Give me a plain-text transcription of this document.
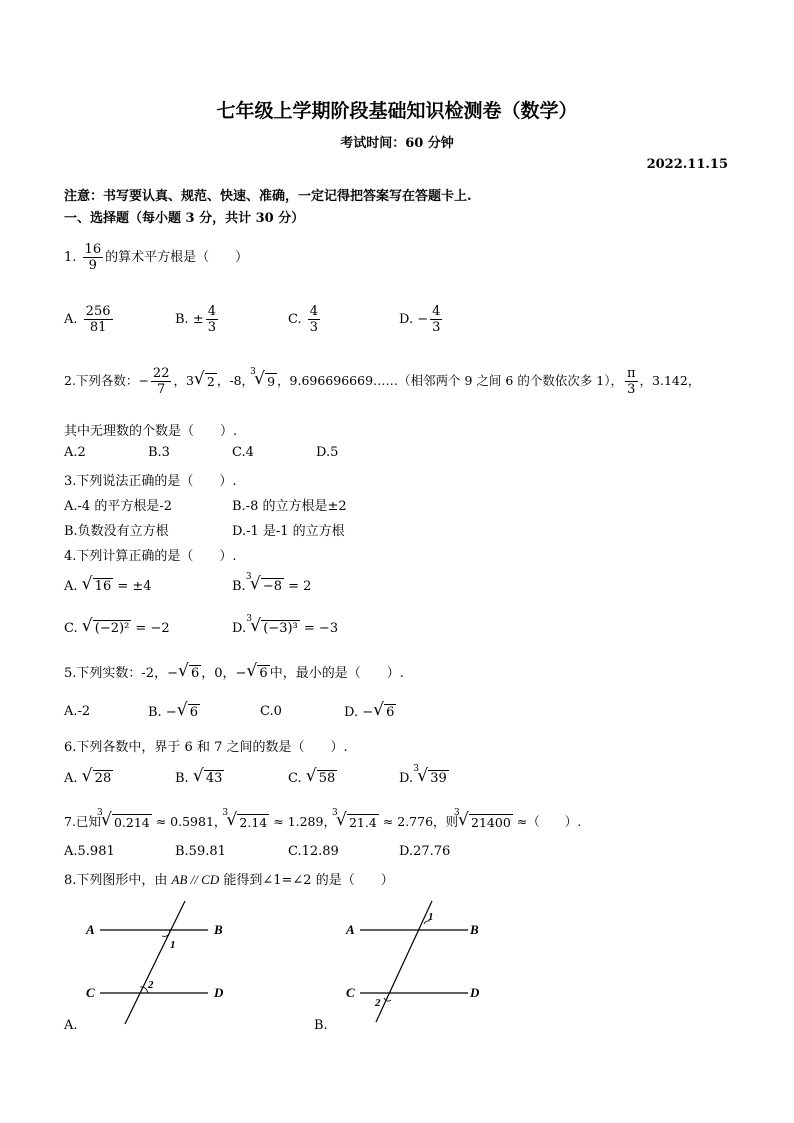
七年级上学期阶段基础知识检测卷（数学）
考试时间：60 分钟
2022.11.15
注意：书写要认真、规范、快速、准确，一定记得把答案写在答题卡上.
一、选择题（每小题 3 分，共计 30 分）
1. $\frac{16}{9}$ 的算术平方根是（　　）
A. $\frac{256}{81}$	B. ± $\frac{4}{3}$	C. $\frac{4}{3}$	D. − $\frac{4}{3}$
2.下列各数：− $\frac{22}{7}$ ，3 √ 2 ，-8，
3
√ 9 ，9.696696669……（相邻两个 9 之间 6 的个数依次多 1）， $\frac{\pi}{3}$ ，3.142，
其中无理数的个数是（　　）.
A.2	B.3	C.4	D.5
3.下列说法正确的是（　　）.
A.-4 的平方根是-2	B.-8 的立方根是±2
B.负数没有立方根	D.-1 是-1 的立方根
4.下列计算正确的是（　　）.
A. √ 16 = ±4	B.
3
√ −8 = 2
C. √ (−2)² = −2	D.
3
√ (−3)³ = −3
5.下列实数：-2，− √ 6 ，0，− √ 6 中，最小的是（　　）.
A.-2	B. − √ 6	C.0	D. − √ 6
6.下列各数中，界于 6 和 7 之间的数是（　　）.
A. √ 28	B. √ 43	C. √ 58	D.
3
√ 39
7.已知
3
√ 0.214 ≈ 0.5981，
3
√ 2.14 ≈ 1.289，
3
√ 21.4 ≈ 2.776，则
3
√ 21400 ≈（　　）.
A.5.981	B.59.81	C.12.89	D.27.76
8.下列图形中，由 AB // CD 能得到∠1=∠2 的是（　　）
A	B
C	D
1
2
A.
A	B
C	D
1
2
B.
